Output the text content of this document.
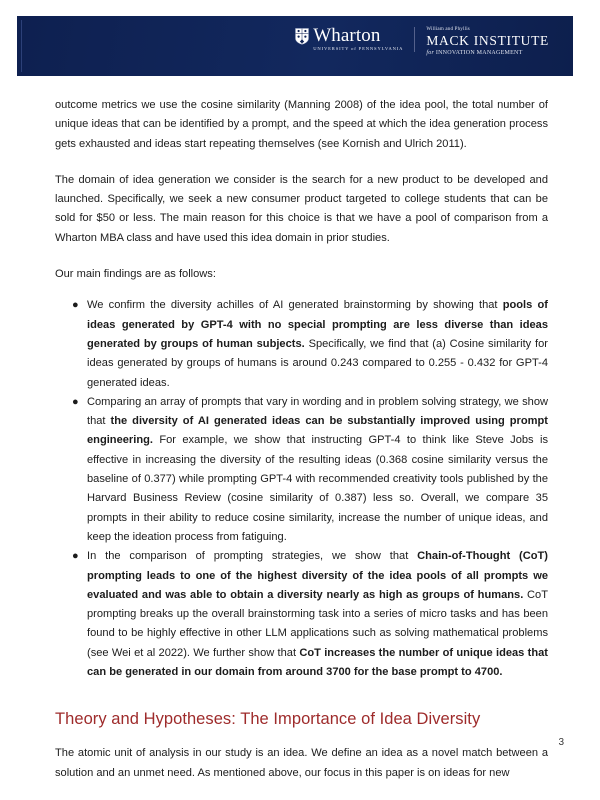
Wharton
UNIVERSITY of PENNSYLVANIA
William and Phyllis
MACK INSTITUTE
for INNOVATION MANAGEMENT

outcome metrics we use the cosine similarity (Manning 2008) of the idea pool, the total number of unique ideas that can be identified by a prompt, and the speed at which the idea generation process gets exhausted and ideas start repeating themselves (see Kornish and Ulrich 2011).

The domain of idea generation we consider is the search for a new product to be developed and launched. Specifically, we seek a new consumer product targeted to college students that can be sold for $50 or less. The main reason for this choice is that we have a pool of comparison from a Wharton MBA class and have used this idea domain in prior studies.

Our main findings are as follows:

● We confirm the diversity achilles of AI generated brainstorming by showing that pools of ideas generated by GPT-4 with no special prompting are less diverse than ideas generated by groups of human subjects. Specifically, we find that (a) Cosine similarity for ideas generated by groups of humans is around 0.243 compared to 0.255 - 0.432 for GPT-4 generated ideas.
● Comparing an array of prompts that vary in wording and in problem solving strategy, we show that the diversity of AI generated ideas can be substantially improved using prompt engineering. For example, we show that instructing GPT-4 to think like Steve Jobs is effective in increasing the diversity of the resulting ideas (0.368 cosine similarity versus the baseline of 0.377) while prompting GPT-4 with recommended creativity tools published by the Harvard Business Review (cosine similarity of 0.387) less so. Overall, we compare 35 prompts in their ability to reduce cosine similarity, increase the number of unique ideas, and keep the ideation process from fatiguing.
● In the comparison of prompting strategies, we show that Chain-of-Thought (CoT) prompting leads to one of the highest diversity of the idea pools of all prompts we evaluated and was able to obtain a diversity nearly as high as groups of humans. CoT prompting breaks up the overall brainstorming task into a series of micro tasks and has been found to be highly effective in other LLM applications such as solving mathematical problems (see Wei et al 2022). We further show that CoT increases the number of unique ideas that can be generated in our domain from around 3700 for the base prompt to 4700.
Theory and Hypotheses: The Importance of Idea Diversity

The atomic unit of analysis in our study is an idea. We define an idea as a novel match between a solution and an unmet need. As mentioned above, our focus in this paper is on ideas for new

3
